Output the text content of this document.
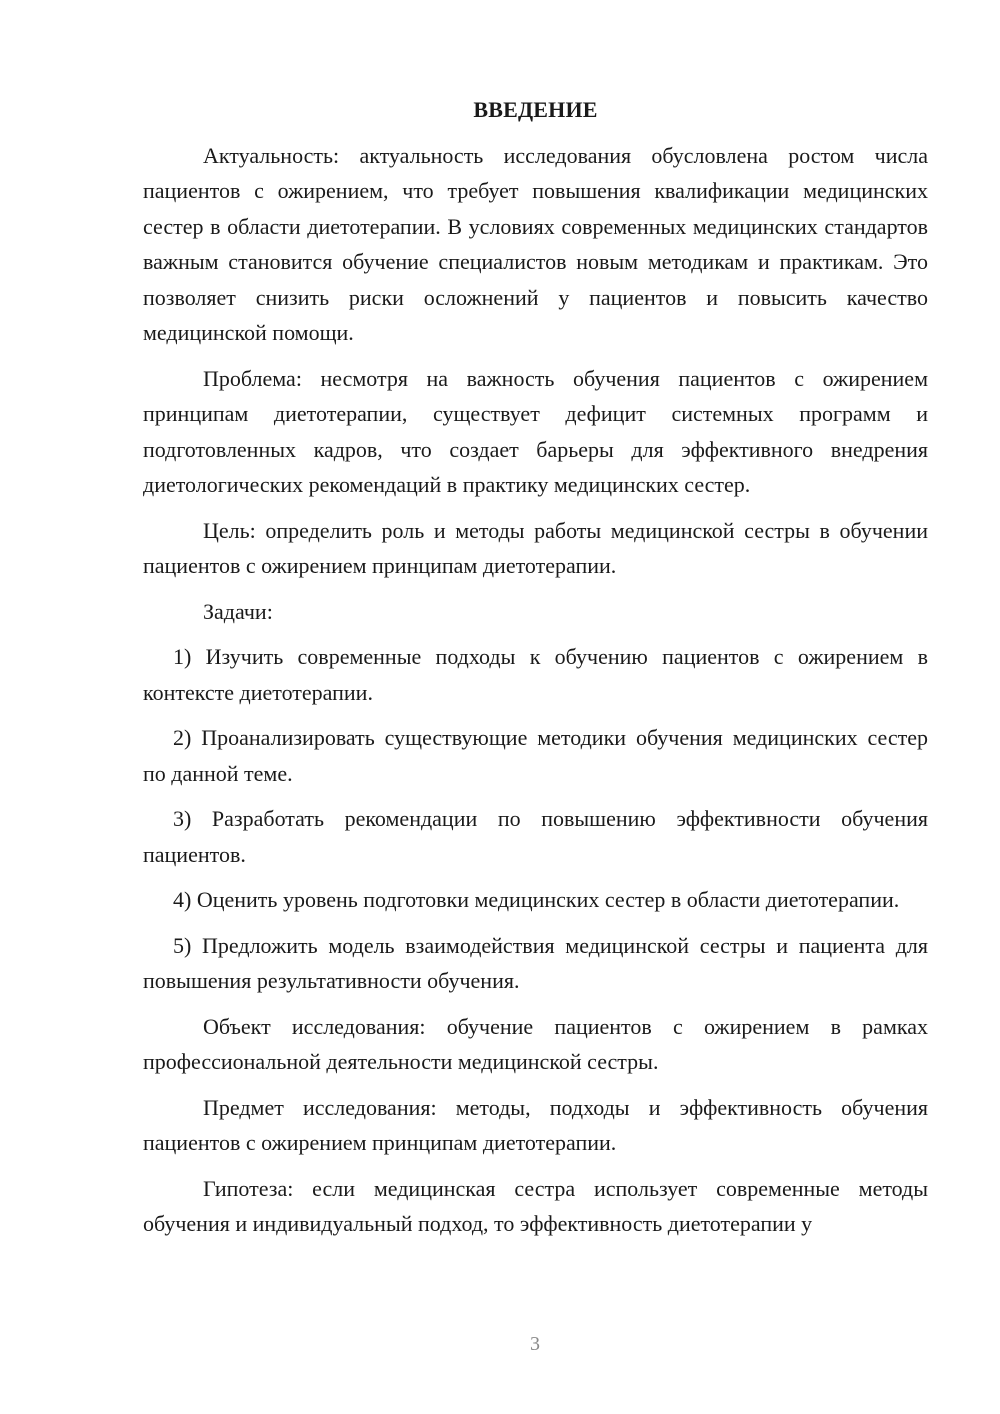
ВВЕДЕНИЕ

Актуальность: актуальность исследования обусловлена ростом числа пациентов с ожирением, что требует повышения квалификации медицинских сестер в области диетотерапии. В условиях современных медицинских стандартов важным становится обучение специалистов новым методикам и практикам. Это позволяет снизить риски осложнений у пациентов и повысить качество медицинской помощи.

Проблема: несмотря на важность обучения пациентов с ожирением принципам диетотерапии, существует дефицит системных программ и подготовленных кадров, что создает барьеры для эффективного внедрения диетологических рекомендаций в практику медицинских сестер.

Цель: определить роль и методы работы медицинской сестры в обучении пациентов с ожирением принципам диетотерапии.

Задачи:

1) Изучить современные подходы к обучению пациентов с ожирением в контексте диетотерапии.

2) Проанализировать существующие методики обучения медицинских сестер по данной теме.

3) Разработать рекомендации по повышению эффективности обучения пациентов.

4) Оценить уровень подготовки медицинских сестер в области диетотерапии.

5) Предложить модель взаимодействия медицинской сестры и пациента для повышения результативности обучения.

Объект исследования: обучение пациентов с ожирением в рамках профессиональной деятельности медицинской сестры.

Предмет исследования: методы, подходы и эффективность обучения пациентов с ожирением принципам диетотерапии.

Гипотеза: если медицинская сестра использует современные методы обучения и индивидуальный подход, то эффективность диетотерапии у

3
